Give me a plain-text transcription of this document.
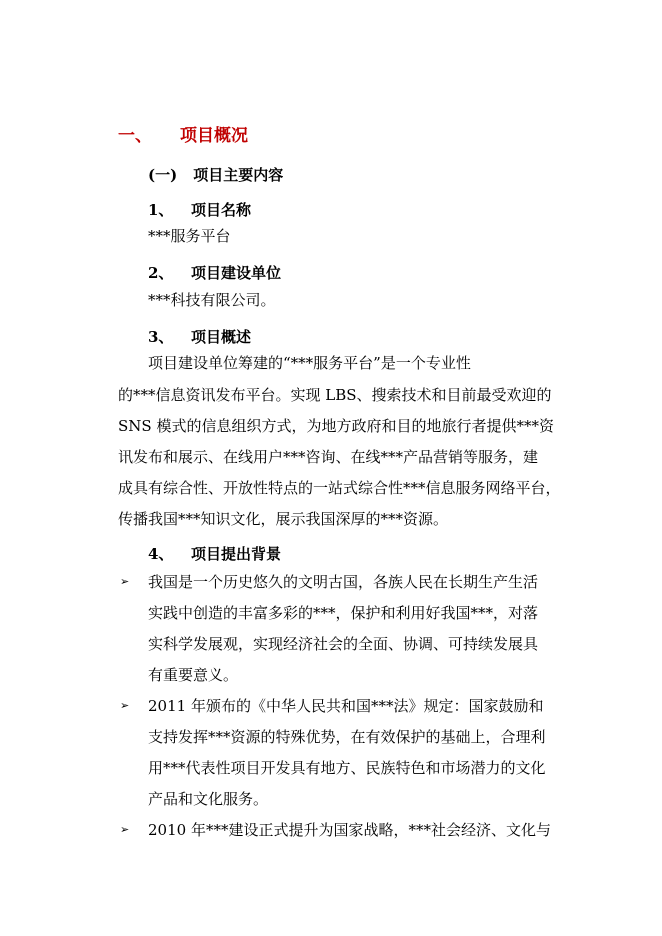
一、 项目概况
(一) 项目主要内容
1、 项目名称
***服务平台
2、 项目建设单位
***科技有限公司。
3、 项目概述
项目建设单位筹建的“***服务平台”是一个专业性
的***信息资讯发布平台。实现 LBS、搜索技术和目前最受欢迎的
SNS 模式的信息组织方式，为地方政府和目的地旅行者提供***资
讯发布和展示、在线用户***咨询、在线***产品营销等服务，建
成具有综合性、开放性特点的一站式综合性***信息服务网络平台，
传播我国***知识文化，展示我国深厚的***资源。
4、 项目提出背景
➢ 我国是一个历史悠久的文明古国，各族人民在长期生产生活
实践中创造的丰富多彩的***，保护和利用好我国***，对落
实科学发展观，实现经济社会的全面、协调、可持续发展具
有重要意义。
➢ 2011 年颁布的《中华人民共和国***法》规定：国家鼓励和
支持发挥***资源的特殊优势，在有效保护的基础上，合理利
用***代表性项目开发具有地方、民族特色和市场潜力的文化
产品和文化服务。
➢ 2010 年***建设正式提升为国家战略，***社会经济、文化与
